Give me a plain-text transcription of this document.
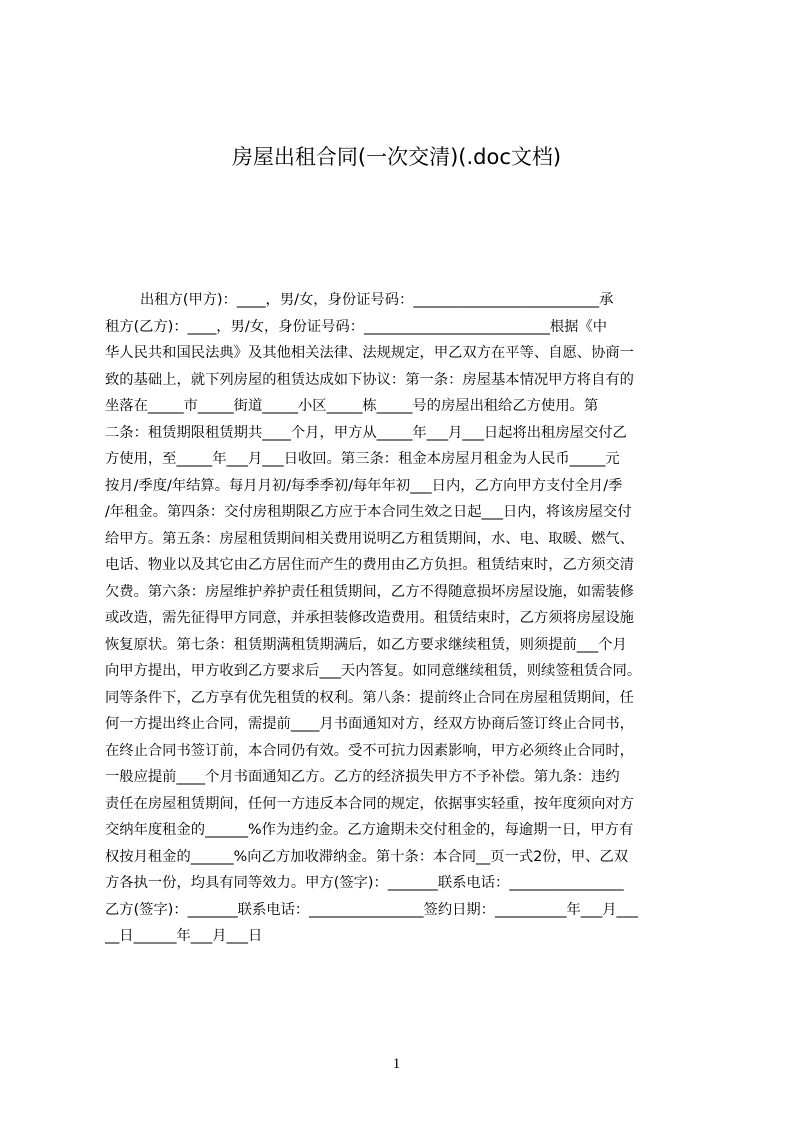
房屋出租合同(一次交清)(.doc文档)
出租方(甲方)：____，男/女，身份证号码：__________________________承
租方(乙方)：____，男/女，身份证号码：__________________________根据《中
华人民共和国民法典》及其他相关法律、法规规定，甲乙双方在平等、自愿、协商一
致的基础上，就下列房屋的租赁达成如下协议：第一条：房屋基本情况甲方将自有的
坐落在_____市_____街道_____小区_____栋_____号的房屋出租给乙方使用。第
二条：租赁期限租赁期共____个月，甲方从_____年___月___日起将出租房屋交付乙
方使用，至_____年___月___日收回。第三条：租金本房屋月租金为人民币_____元
按月/季度/年结算。每月月初/每季季初/每年年初___日内，乙方向甲方支付全月/季
/年租金。第四条：交付房租期限乙方应于本合同生效之日起___日内，将该房屋交付
给甲方。第五条：房屋租赁期间相关费用说明乙方租赁期间，水、电、取暖、燃气、
电话、物业以及其它由乙方居住而产生的费用由乙方负担。租赁结束时，乙方须交清
欠费。第六条：房屋维护养护责任租赁期间，乙方不得随意损坏房屋设施，如需装修
或改造，需先征得甲方同意，并承担装修改造费用。租赁结束时，乙方须将房屋设施
恢复原状。第七条：租赁期满租赁期满后，如乙方要求继续租赁，则须提前___个月
向甲方提出，甲方收到乙方要求后___天内答复。如同意继续租赁，则续签租赁合同。
同等条件下，乙方享有优先租赁的权利。第八条：提前终止合同在房屋租赁期间，任
何一方提出终止合同，需提前____月书面通知对方，经双方协商后签订终止合同书，
在终止合同书签订前，本合同仍有效。受不可抗力因素影响，甲方必须终止合同时，
一般应提前____个月书面通知乙方。乙方的经济损失甲方不予补偿。第九条：违约
责任在房屋租赁期间，任何一方违反本合同的规定，依据事实轻重，按年度须向对方
交纳年度租金的______%作为违约金。乙方逾期未交付租金的，每逾期一日，甲方有
权按月租金的______%向乙方加收滞纳金。第十条：本合同__页一式2份，甲、乙双
方各执一份，均具有同等效力。甲方(签字)：_______联系电话：________________
乙方(签字)：_______联系电话：________________签约日期：__________年___月___
__日______年___月___日
1
